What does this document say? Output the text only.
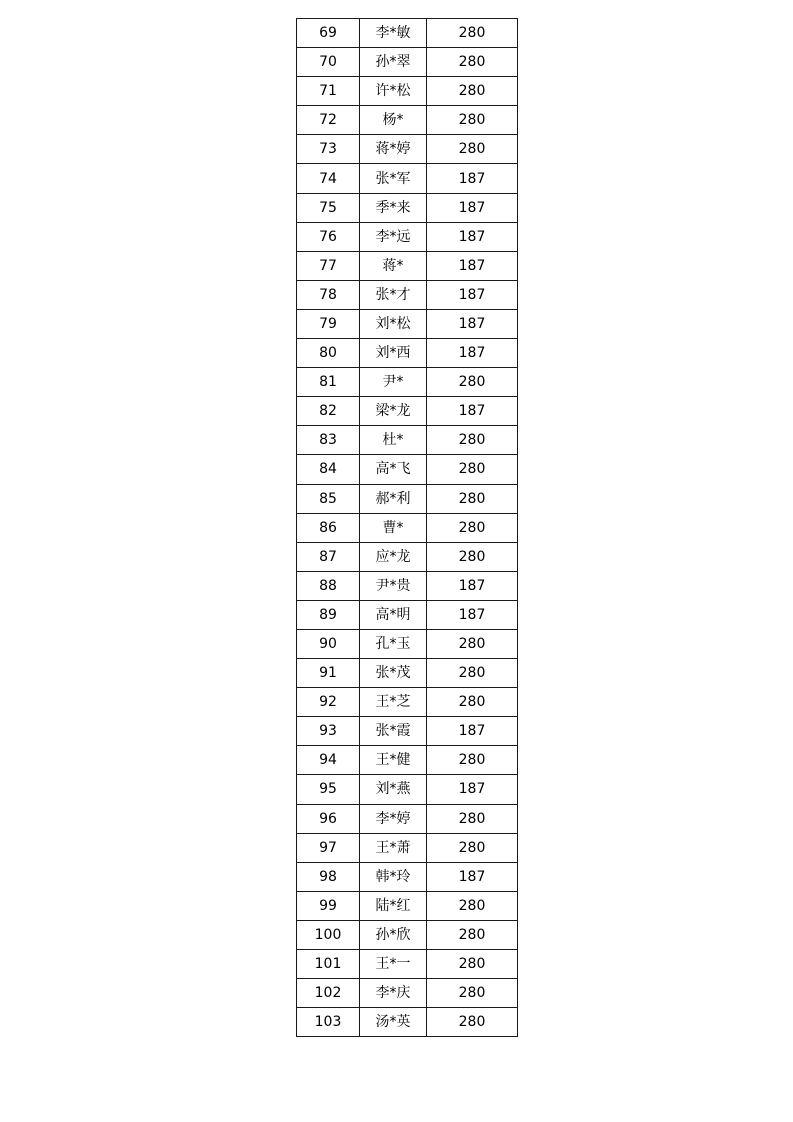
69	李*敏	280
70	孙*翠	280
71	许*松	280
72	杨*	280
73	蒋*婷	280
74	张*军	187
75	季*来	187
76	李*远	187
77	蒋*	187
78	张*才	187
79	刘*松	187
80	刘*西	187
81	尹*	280
82	梁*龙	187
83	杜*	280
84	高*飞	280
85	郝*利	280
86	曹*	280
87	应*龙	280
88	尹*贵	187
89	高*明	187
90	孔*玉	280
91	张*茂	280
92	王*芝	280
93	张*霞	187
94	王*健	280
95	刘*燕	187
96	李*婷	280
97	王*萧	280
98	韩*玲	187
99	陆*红	280
100	孙*欣	280
101	王*一	280
102	李*庆	280
103	汤*英	280
